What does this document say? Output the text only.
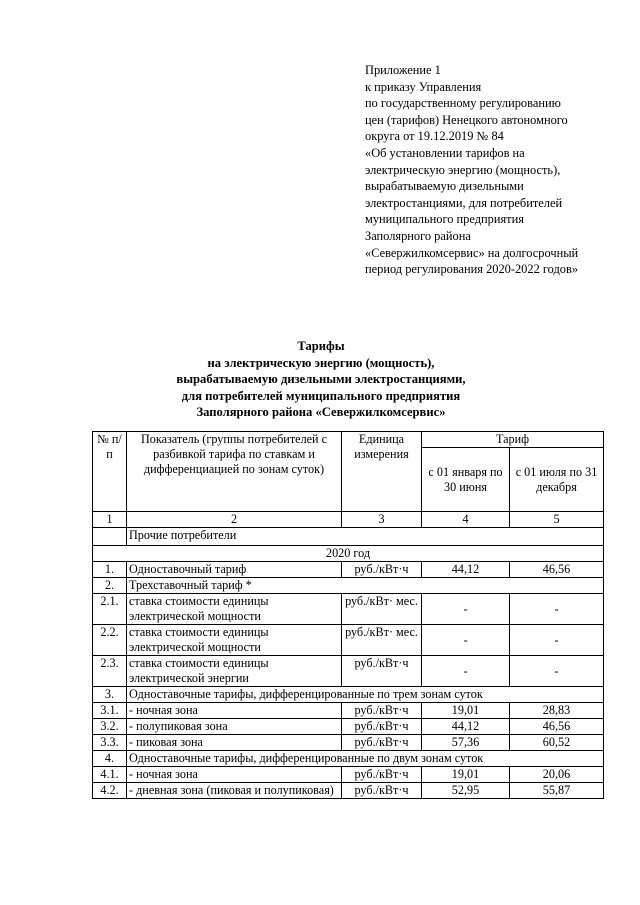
Приложение 1
к приказу Управления
по государственному регулированию
цен (тарифов) Ненецкого автономного
округа от 19.12.2019 № 84
«Об установлении тарифов на
электрическую энергию (мощность),
вырабатываемую дизельными
электростанциями, для потребителей
муниципального предприятия
Заполярного района
«Севержилкомсервис» на долгосрочный
период регулирования 2020-2022 годов»
Тарифы
на электрическую энергию (мощность),
вырабатываемую дизельными электростанциями,
для потребителей муниципального предприятия
Заполярного района «Севержилкомсервис»
№ п/п	Показатель (группы потребителей с разбивкой тарифа по ставкам и дифференциацией по зонам суток)	Единица измерения	Тариф	
			с 01 января по 30 июня	с 01 июля по 31 декабря
1	2	3	4	5
	Прочие потребители			
2020 год				
1.	Одноставочный тариф	руб./кВт·ч	44,12	46,56
2.	Трехставочный тариф *			
2.1.	ставка стоимости единицы электрической мощности	руб./кВт· мес.	-	-
2.2.	ставка стоимости единицы электрической мощности	руб./кВт· мес.	-	-
2.3.	ставка стоимости единицы электрической энергии	руб./кВт·ч	-	-
3.	Одноставочные тарифы, дифференцированные по трем зонам суток			
3.1.	- ночная зона	руб./кВт·ч	19,01	28,83
3.2.	- полупиковая зона	руб./кВт·ч	44,12	46,56
3.3.	- пиковая зона	руб./кВт·ч	57,36	60,52
4.	Одноставочные тарифы, дифференцированные по двум зонам суток			
4.1.	- ночная зона	руб./кВт·ч	19,01	20,06
4.2.	- дневная зона (пиковая и полупиковая)	руб./кВт·ч	52,95	55,87
